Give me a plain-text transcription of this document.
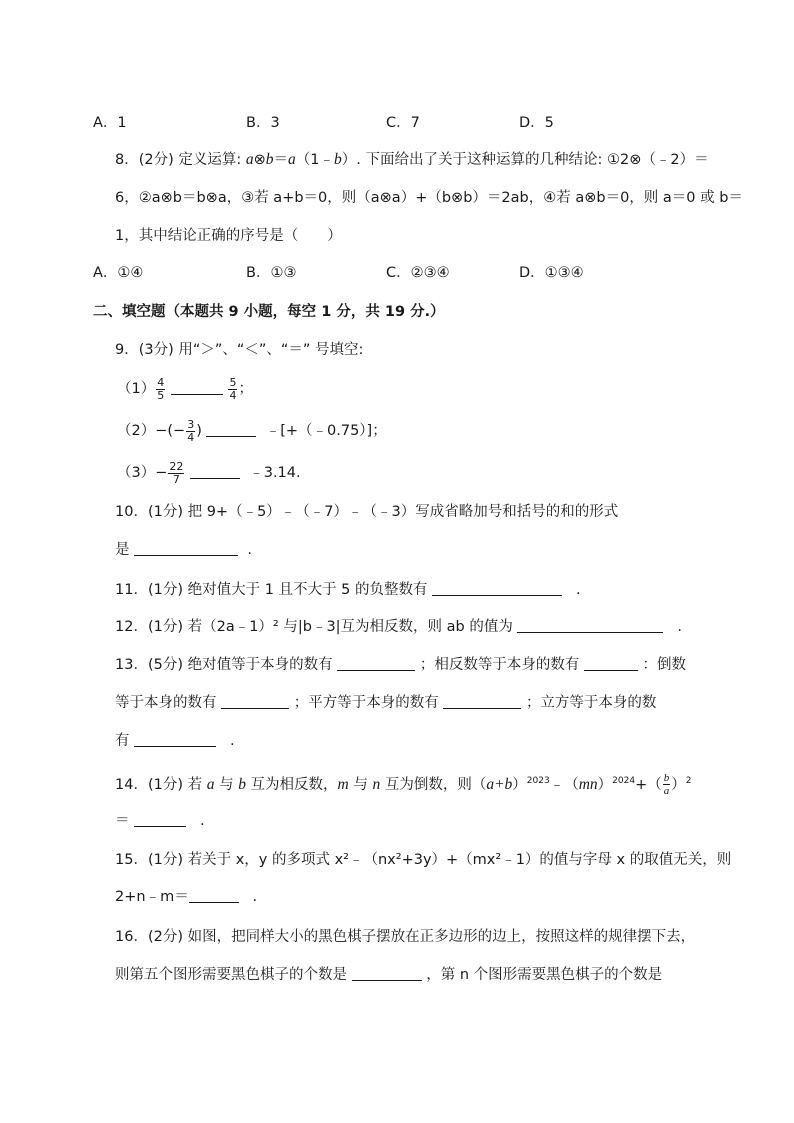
A．1	B．3	C．7	D．5
8．(2分) 定义运算: a⊗b＝a（1﹣b）. 下面给出了关于这种运算的几种结论: ①2⊗（﹣2）＝
6，②a⊗b＝b⊗a，③若 a+b＝0，则（a⊗a）+（b⊗b）＝2ab，④若 a⊗b＝0，则 a＝0 或 b＝
1，其中结论正确的序号是（　　）
A．①④	B．①③	C．②③④	D．①③④
二、填空题（本题共 9 小题，每空 1 分，共 19 分.）
9．(3分) 用“＞”、“＜”、“＝” 号填空:
$(1) \frac{4}{5}$
	$\frac{5}{4}$ ；
$(2)-(- \frac{3}{4}$ )	﹣[+（﹣0.75）]；
$(3)- \frac{22}{7}$	﹣3.14.
10．(1分) 把 9+（﹣5）﹣（﹣7）﹣（﹣3）写成省略加号和括号的和的形式
是	.
11．(1分) 绝对值大于 1 且不大于 5 的负整数有	.
12．(1分) 若（2a﹣1）² 与|b﹣3|互为相反数，则 ab 的值为	.
13．(5分) 绝对值等于本身的数有	；相反数等于本身的数有	：倒数
等于本身的数有	；平方等于本身的数有	；立方等于本身的数
有	.
14．(1分) 若 a 与 b 互为相反数，m 与 n 互为倒数，则$(a+b)^{2023}﹣(mn)^{2024}+( \frac{b}{a} )^2$
＝	.
15．(1分) 若关于 x，y 的多项式 x²﹣（nx²+3y）+（mx²﹣1）的值与字母 x 的取值无关，则
2+n﹣m＝	.
16．(2分) 如图，把同样大小的黑色棋子摆放在正多边形的边上，按照这样的规律摆下去，
则第五个图形需要黑色棋子的个数是	，第 n 个图形需要黑色棋子的个数是
